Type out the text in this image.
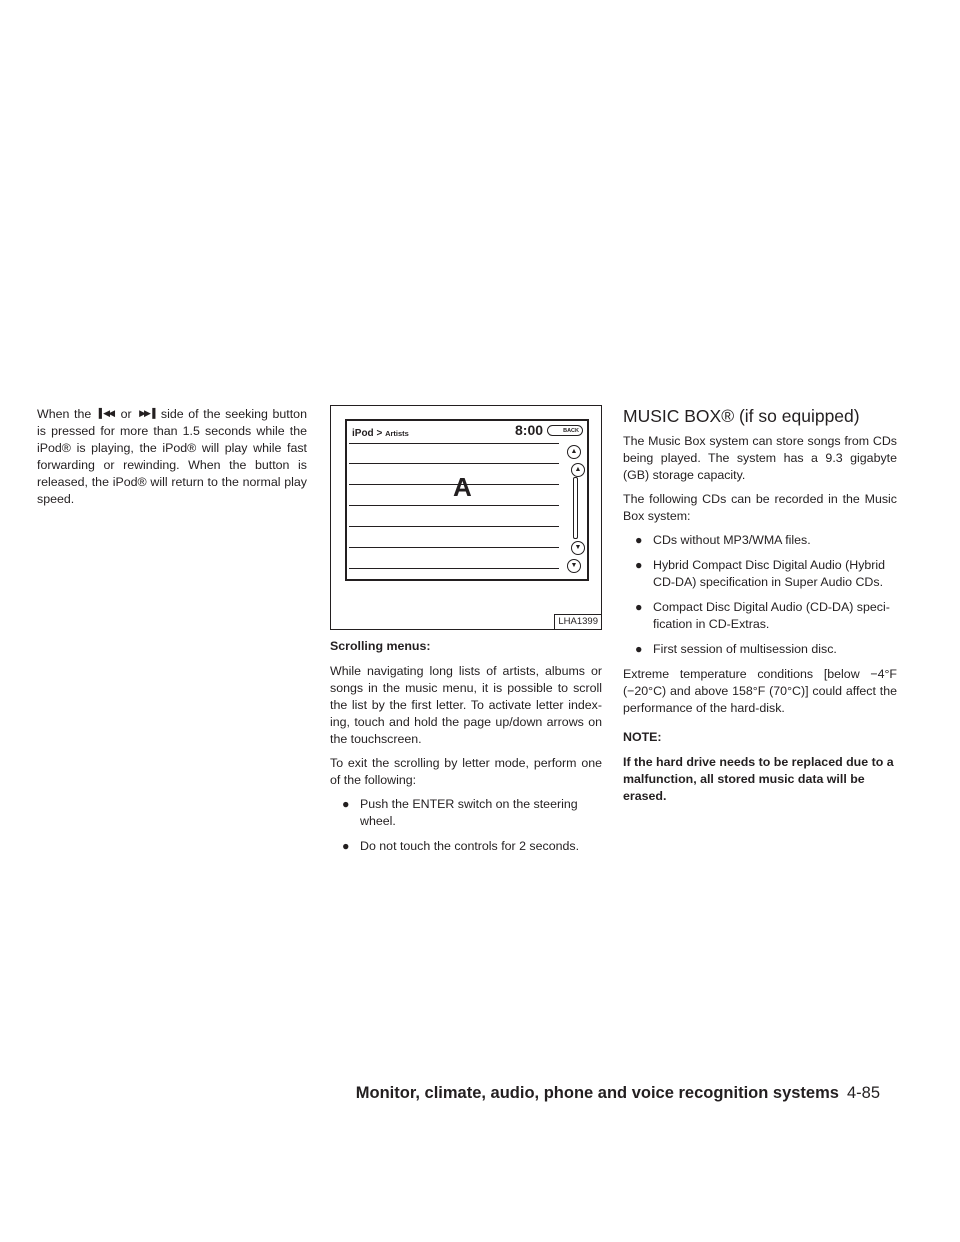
When the ▌◀◀ or ▶▶▐ side of the seeking button is pressed for more than 1.5 seconds while the iPod® is playing, the iPod® will play while fast forwarding or rewinding. When the button is released, the iPod® will return to the normal play speed.

iPod > Artists	8:00	BACK
A
▲
▲
▼
▼
LHA1399

Scrolling menus:

While navigating long lists of artists, albums or songs in the music menu, it is possible to scroll the list by the first letter. To activate letter index-ing, touch and hold the page up/down arrows on the touchscreen.

To exit the scrolling by letter mode, perform one of the following:

● Push the ENTER switch on the steering wheel.
● Do not touch the controls for 2 seconds.
MUSIC BOX® (if so equipped)

The Music Box system can store songs from CDs being played. The system has a 9.3 gigabyte (GB) storage capacity.

The following CDs can be recorded in the Music Box system:

● CDs without MP3/WMA files.
● Hybrid Compact Disc Digital Audio (Hybrid CD-DA) specification in Super Audio CDs.
● Compact Disc Digital Audio (CD-DA) speci-fication in CD-Extras.
● First session of multisession disc.

Extreme temperature conditions [below −4°F (−20°C) and above 158°F (70°C)] could affect the performance of the hard-disk.

NOTE:

If the hard drive needs to be replaced due to a malfunction, all stored music data will be erased.

Monitor, climate, audio, phone and voice recognition systems 4-85
